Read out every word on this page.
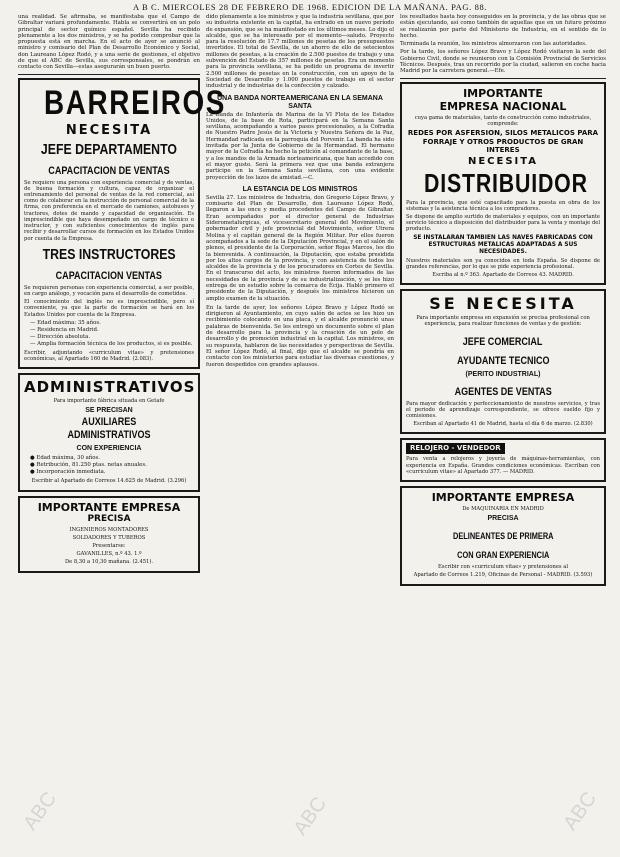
A B C. MIERCOLES 28 DE FEBRERO DE 1968. EDICION DE LA MAÑANA. PAG. 88.

una realidad. Se afirmaba, se manifestaba que el Campo de Gibraltar variará profundamente. Habla se convertirá en un polo principal de sector químico español. Sevilla ha recibido plenamente a los dos ministros, y se ha podido comprobar que la propuesta está en marcha. En el acto de ayer se anunció al ministro y comisario del Plan de Desarrollo Económico y Social, don Laureano López Rodó, y a una serie de gestiones, el objetivo de que el ABC de Sevilla, sus corresponsales, se pondrán en contacto con Sevilla—estas asegurarán un buen puerto.

BARREIROS
NECESITA
JEFE DEPARTAMENTO CAPACITACION DE VENTAS

Se requiere una persona con experiencia comercial y de ventas, de buena formación y cultura, capaz de organizar el entrenamiento del personal de ventas de la red comercial, así como de colaborar en la instrucción de personal comercial de la firma, con preferencia en el mercado de camiones, autobuses y tractores, dotes de mando y capacidad de organización. Es imprescindible que haya desempeñado un cargo de técnico o instructor, y con suficientes conocimientos de inglés para recibir y desarrollar cursos de formación en los Estados Unidos por cuenta de la Empresa.

TRES INSTRUCTORES CAPACITACION VENTAS

Se requieren personas con experiencia comercial, a ser posible, en cargo análogo, y vocación para el desarrollo de cometidos.

El conocimiento del inglés no es imprescindible, pero sí conveniente, ya que la parte de formación se hará en los Estados Unidos por cuenta de la Empresa.

— Edad máxima: 35 años.
— Residencia en Madrid.
— Dirección absoluta.
— Amplia formación técnica de los productos, si es posible.

Escribir, adjuntando «curriculum vitae» y pretensiones económicas, al Apartado 160 de Madrid. (2.083).

ADMINISTRATIVOS

Para importante fábrica situada en Getafe

SE PRECISAN
AUXILIARES ADMINISTRATIVOS
CON EXPERIENCIA
● Edad máxima, 30 años.
● Retribución, 81.250 ptas. netas anuales.
● Incorporación inmediata.

Escribir al Apartado de Correos 14.625 de Madrid. (3.296)

IMPORTANTE EMPRESA
PRECISA

INGENIEROS MONTADORES

SOLDADORES Y TUBEROS

Presentarse:

GAVANILLES, n.º 43. 1.º

De 8,30 a 10,30 mañana. (2.451).

dido plenamente a los ministros y que la industria sevillana, que por su industria existente en la capital, ha entrado en un nuevo período de expansión, que se ha manifestado en los últimos meses. Lo dijo el alcalde, que se ha interesado por el momento—saludo. Proyecto para la resolución de 17.7 millones de pesetas de los presupuestos invertidos. El total de Sevilla, de un ahorro de ello de setecientos millones de pesetas, a la creación de 2.500 puestos de trabajo y una subvención del Estado de 357 millones de pesetas. Era un momento para la provincia sevillana, se ha pedido un programa de invertir 2.500 millones de pesetas en la construcción, con un apoyo de la Sociedad de Desarrollo y 1.000 puestos de trabajo en el sector industrial y de industrias de la confección y calzado.

UNA BANDA NORTEAMERICANA EN LA SEMANA SANTA

La Banda de Infantería de Marina de la VI Flota de los Estados Unidos, de la base de Rota, participará en la Semana Santa sevillana, acompañando a varios pasos procesionales, a la Cofradía de Nuestro Padre Jesús de la Victoria y Nuestra Señora de la Paz, Hermandad radicada en la parroquia del Porvenir. La banda ha sido invitada por la Junta de Gobierno de la Hermandad. El hermano mayor de la Cofradía ha hecho la petición al comandante de la base, y a los mandos de la Armada norteamericana, que han accedido con el mayor gusto. Será la primera vez que una banda extranjera participe en la Semana Santa sevillana, con una evidente proyección de los lazos de amistad.—C.

LA ESTANCIA DE LOS MINISTROS

Sevilla 27. Los ministros de Industria, don Gregorio López Bravo, y comisario del Plan de Desarrollo, don Laureano López Rodó, llegaron a las once y media procedentes del Campo de Gibraltar. Eran acompañados por el director general de Industrias Siderometalúrgicas, el vicesecretario general del Movimiento, el gobernador civil y jefe provincial del Movimiento, señor Utrera Molina y el capitán general de la Región Militar. Por ellos fueron acompañados a la sede de la Diputación Provincial, y en el salón de plenos, el presidente de la Corporación, señor Rojas Marcos, les dio la bienvenida. A continuación, la Diputación, que estaba presidida por los altos cargos de la provincia, y con asistencia de todos los alcaldes de la provincia y de los procuradores en Cortes de Sevilla. En el transcurso del acto, los ministros fueron informados de las necesidades de la provincia y de su industrialización, y se les hizo entrega de un estudio sobre la comarca de Écija. Habló primero el presidente de la Diputación, y después los ministros hicieron un amplio examen de la situación.

En la tarde de ayer, los señores López Bravo y López Rodó se dirigieron al Ayuntamiento, en cuyo salón de actos se les hizo un recibimiento colocando en una placa, y el alcalde pronunció unas palabras de bienvenida. Se les entregó un documento sobre el plan de desarrollo para la provincia y la creación de un polo de desarrollo y de promoción industrial en la capital. Los ministros, en su respuesta, hablaron de las necesidades y perspectivas de Sevilla. El señor López Rodó, al final, dijo que el alcalde se pondría en contacto con los ministerios para estudiar las diversas cuestiones, y fueron despedidos con grandes aplausos.

los resultados hasta hoy conseguidos en la provincia, y de las obras que se están ejecutando, así como también de aquellas que en un futuro próximo se realizarán por parte del Ministerio de Industria, en el sentido de lo hecho.

Terminada la reunión, los ministros almorzaron con las autoridades.

Por la tarde, los señores López Bravo y López Rodó visitaron la sede del Gobierno Civil, donde se reunieron con la Comisión Provincial de Servicios Técnicos. Después, tras un recorrido por la ciudad, salieron en coche hacia Madrid por la carretera general.—Efe.

IMPORTANTE
EMPRESA NACIONAL

cuya gama de materiales, tanto de construcción como industriales, comprende:

REDES POR ASFERSION, SILOS METALICOS PARA FORRAJE Y OTROS PRODUCTOS DE GRAN INTERES
NECESITA
DISTRIBUIDOR

Para la provincia, que esté capacitado para la puesta en obra de los sistemas y la asistencia técnica a los compradores.

Se dispone de amplio surtido de materiales y equipos, con un importante servicio técnico a disposición del distribuidor para la venta y montaje del producto.

SE INSTALARAN TAMBIEN LAS NAVES FABRICADAS CON ESTRUCTURAS METALICAS ADAPTADAS A SUS NECESIDADES.

Nuestros materiales son ya conocidos en toda España. Se dispone de grandes referencias, por lo que se pide experiencia profesional.

Escriba al n.º 363. Apartado de Correos 43. MADRID.

SE NECESITA

Para importante empresa en expansión se precisa profesional con experiencia, para realizar funciones de ventas y de gestión:

JEFE COMERCIAL AYUDANTE TECNICO
(PERITO INDUSTRIAL)
AGENTES DE VENTAS

Para mayor dedicación y perfeccionamiento de nuestros servicios, y tras el periodo de aprendizaje correspondiente, se ofrece sueldo fijo y comisiones.

Escriban al Apartado 41 de Madrid, hasta el día 6 de marzo. (2.830)

RELOJERO - VENDEDOR

Para venta a relojeros y joyería de máquinas-herramientas, con experiencia en España. Grandes condiciones económicas. Escriban con «curriculum vitae» al Apartado 377. — MADRID.

IMPORTANTE EMPRESA

De MAQUINARIA EN MADRID

PRECISA
DELINEANTES DE PRIMERA CON GRAN EXPERIENCIA

Escribir con «curriculum vitae» y pretensiones al

Apartado de Correos 1.219, Oficinas de Personal - MADRID. (3.593)

ABC	ABC	ABC
